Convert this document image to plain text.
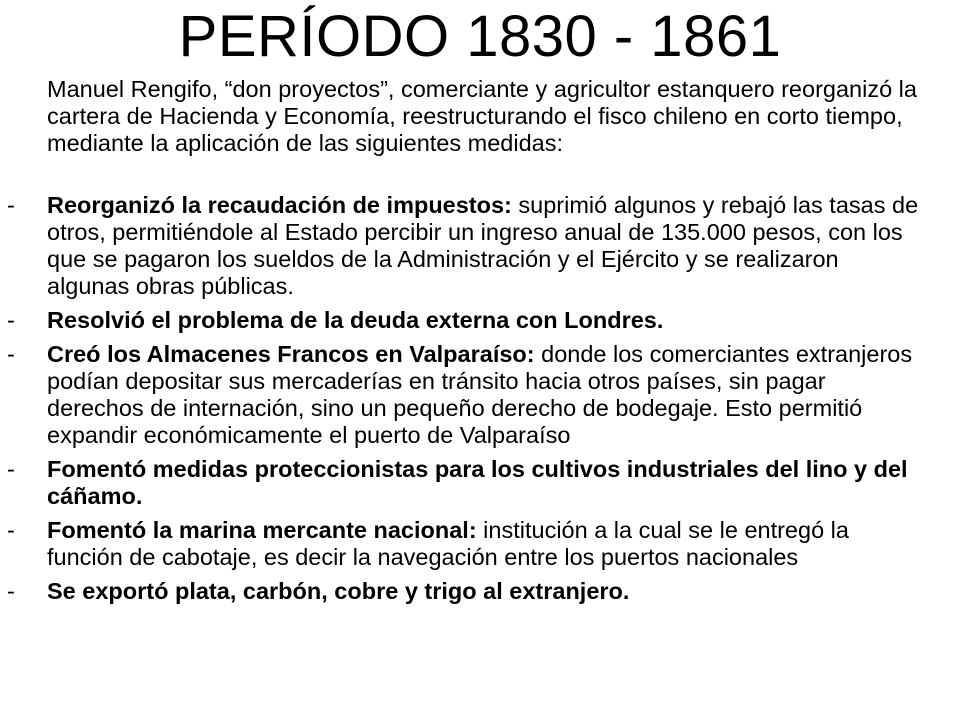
PERÍODO 1830 - 1861

Manuel Rengifo, “don proyectos”, comerciante y agricultor estanquero reorganizó la cartera de Hacienda y Economía, reestructurando el fisco chileno en corto tiempo, mediante la aplicación de las siguientes medidas:

- Reorganizó la recaudación de impuestos: suprimió algunos y rebajó las tasas de otros, permitiéndole al Estado percibir un ingreso anual de 135.000 pesos, con los que se pagaron los sueldos de la Administración y el Ejército y se realizaron algunas obras públicas.
- Resolvió el problema de la deuda externa con Londres.
- Creó los Almacenes Francos en Valparaíso: donde los comerciantes extranjeros podían depositar sus mercaderías en tránsito hacia otros países, sin pagar derechos de internación, sino un pequeño derecho de bodegaje. Esto permitió expandir económicamente el puerto de Valparaíso
- Fomentó medidas proteccionistas para los cultivos industriales del lino y del cáñamo.
- Fomentó la marina mercante nacional: institución a la cual se le entregó la función de cabotaje, es decir la navegación entre los puertos nacionales
- Se exportó plata, carbón, cobre y trigo al extranjero.
